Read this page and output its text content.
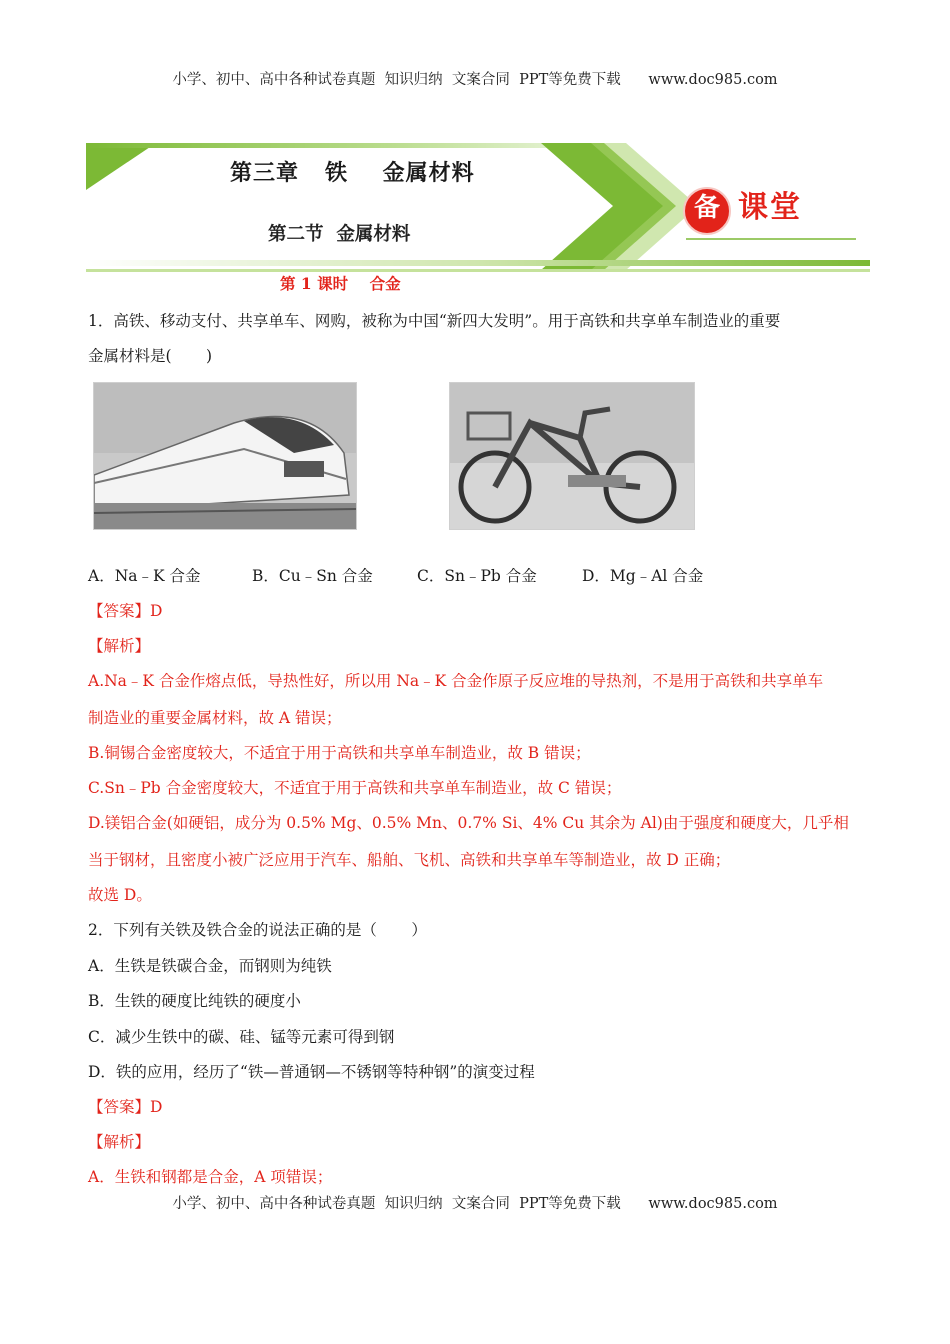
小学、初中、高中各种试卷真题  知识归纳  文案合同  PPT等免费下载      www.doc985.com
第三章   铁    金属材料
第二节  金属材料
备 课堂
第 1 课时    合金
1．高铁、移动支付、共享单车、网购，被称为中国“新四大发明”。用于高铁和共享单车制造业的重要
金属材料是(       )
A．Na﹣K 合金	B．Cu﹣Sn 合金	C．Sn﹣Pb 合金	D．Mg﹣Al 合金
【答案】D
【解析】
A.Na﹣K 合金作熔点低，导热性好，所以用 Na﹣K 合金作原子反应堆的导热剂，不是用于高铁和共享单车
制造业的重要金属材料，故 A 错误；
B.铜锡合金密度较大，不适宜于用于高铁和共享单车制造业，故 B 错误；
C.Sn﹣Pb 合金密度较大，不适宜于用于高铁和共享单车制造业，故 C 错误；
D.镁铝合金(如硬铝，成分为 0.5% Mg、0.5% Mn、0.7% Si、4% Cu 其余为 Al)由于强度和硬度大，几乎相
当于钢材，且密度小被广泛应用于汽车、船舶、飞机、高铁和共享单车等制造业，故 D 正确；
故选 D。
2．下列有关铁及铁合金的说法正确的是（       ）
A．生铁是铁碳合金，而钢则为纯铁
B．生铁的硬度比纯铁的硬度小
C．减少生铁中的碳、硅、锰等元素可得到钢
D．铁的应用，经历了“铁—普通钢—不锈钢等特种钢”的演变过程
【答案】D
【解析】
A．生铁和钢都是合金，A 项错误；
小学、初中、高中各种试卷真题  知识归纳  文案合同  PPT等免费下载      www.doc985.com
